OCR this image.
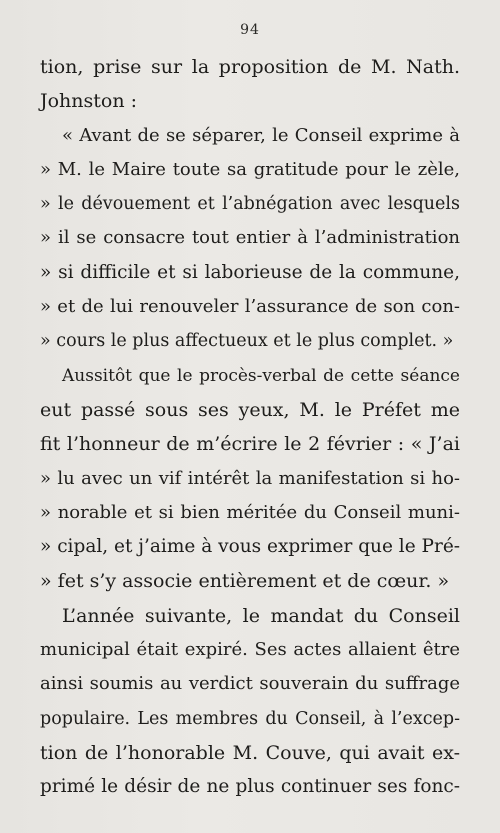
94
tion, prise sur la proposition de M. Nath.
Johnston :
« Avant de se séparer, le Conseil exprime à
» M. le Maire toute sa gratitude pour le zèle,
» le dévouement et l’abnégation avec lesquels
» il se consacre tout entier à l’administration
» si difficile et si laborieuse de la commune,
» et de lui renouveler l’assurance de son con-
» cours le plus affectueux et le plus complet. »
Aussitôt que le procès-verbal de cette séance
eut passé sous ses yeux, M. le Préfet me
fit l’honneur de m’écrire le 2 février : « J’ai
» lu avec un vif intérêt la manifestation si ho-
» norable et si bien méritée du Conseil muni-
» cipal, et j’aime à vous exprimer que le Pré-
» fet s’y associe entièrement et de cœur. »
L’année suivante, le mandat du Conseil
municipal était expiré. Ses actes allaient être
ainsi soumis au verdict souverain du suffrage
populaire. Les membres du Conseil, à l’excep-
tion de l’honorable M. Couve, qui avait ex-
primé le désir de ne plus continuer ses fonc-
